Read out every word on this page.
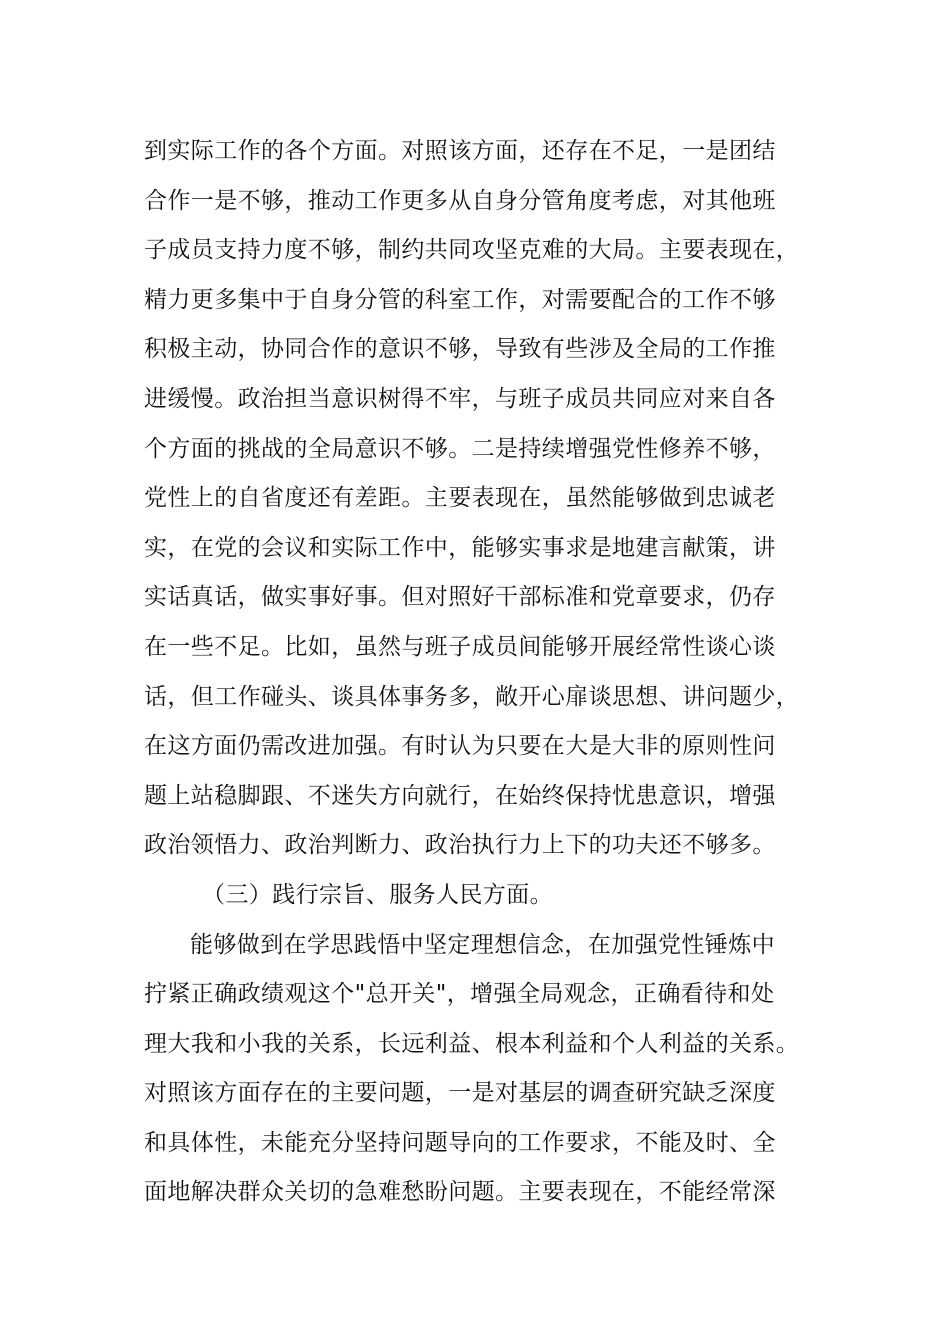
到实际工作的各个方面。对照该方面，还存在不足，一是团结
合作一是不够，推动工作更多从自身分管角度考虑，对其他班
子成员支持力度不够，制约共同攻坚克难的大局。主要表现在，
精力更多集中于自身分管的科室工作，对需要配合的工作不够
积极主动，协同合作的意识不够，导致有些涉及全局的工作推
进缓慢。政治担当意识树得不牢，与班子成员共同应对来自各
个方面的挑战的全局意识不够。二是持续增强党性修养不够，
党性上的自省度还有差距。主要表现在，虽然能够做到忠诚老
实，在党的会议和实际工作中，能够实事求是地建言献策，讲
实话真话，做实事好事。但对照好干部标准和党章要求，仍存
在一些不足。比如，虽然与班子成员间能够开展经常性谈心谈
话，但工作碰头、谈具体事务多，敞开心扉谈思想、讲问题少，
在这方面仍需改进加强。有时认为只要在大是大非的原则性问
题上站稳脚跟、不迷失方向就行，在始终保持忧患意识，增强
政治领悟力、政治判断力、政治执行力上下的功夫还不够多。
（三）践行宗旨、服务人民方面。
能够做到在学思践悟中坚定理想信念，在加强党性锤炼中
拧紧正确政绩观这个"总开关"，增强全局观念，正确看待和处
理大我和小我的关系，长远利益、根本利益和个人利益的关系。
对照该方面存在的主要问题，一是对基层的调查研究缺乏深度
和具体性，未能充分坚持问题导向的工作要求，不能及时、全
面地解决群众关切的急难愁盼问题。主要表现在，不能经常深
